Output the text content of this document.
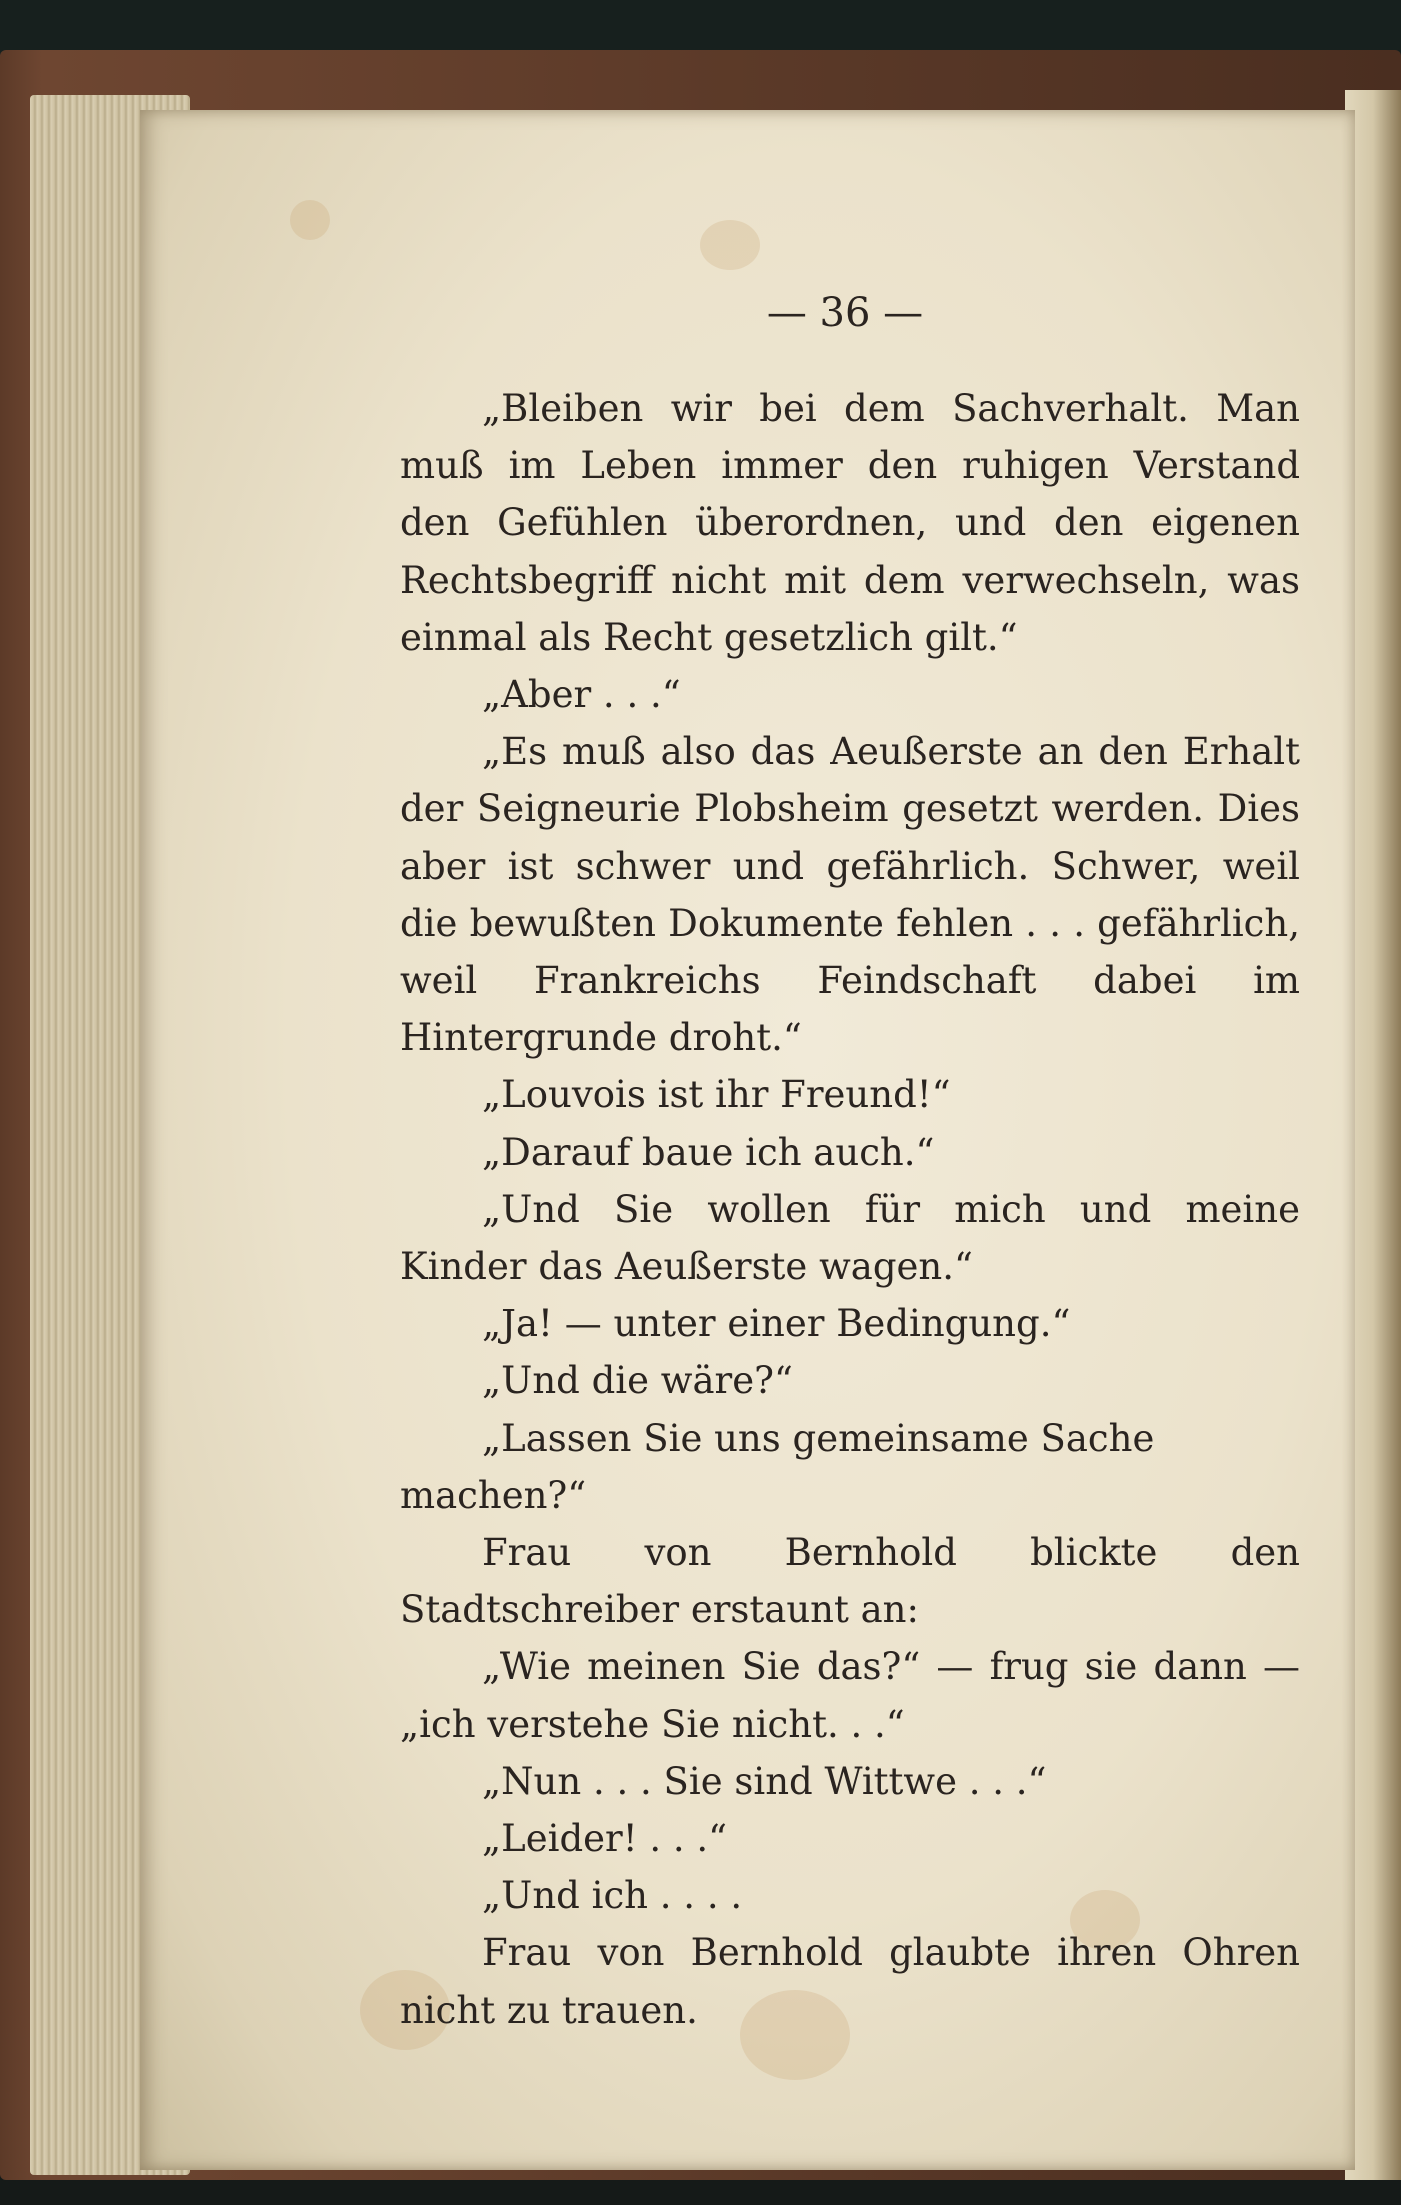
— 36 —

„Bleiben wir bei dem Sachverhalt. Man muß im Leben immer den ruhigen Verstand den Gefühlen überordnen, und den eigenen Rechtsbegriff nicht mit dem verwechseln, was einmal als Recht gesetzlich gilt.“

„Aber . . .“

„Es muß also das Aeußerste an den Erhalt der Seigneurie Plobsheim gesetzt werden. Dies aber ist schwer und gefährlich. Schwer, weil die bewußten Dokumente fehlen . . . gefährlich, weil Frankreichs Feindschaft dabei im Hintergrunde droht.“

„Louvois ist ihr Freund!“

„Darauf baue ich auch.“

„Und Sie wollen für mich und meine Kinder das Aeußerste wagen.“

„Ja! — unter einer Bedingung.“

„Und die wäre?“

„Lassen Sie uns gemeinsame Sache machen?“

Frau von Bernhold blickte den Stadtschreiber erstaunt an:

„Wie meinen Sie das?“ — frug sie dann — „ich verstehe Sie nicht. . .“

„Nun . . . Sie sind Wittwe . . .“

„Leider! . . .“

„Und ich . . . .

Frau von Bernhold glaubte ihren Ohren nicht zu trauen.
